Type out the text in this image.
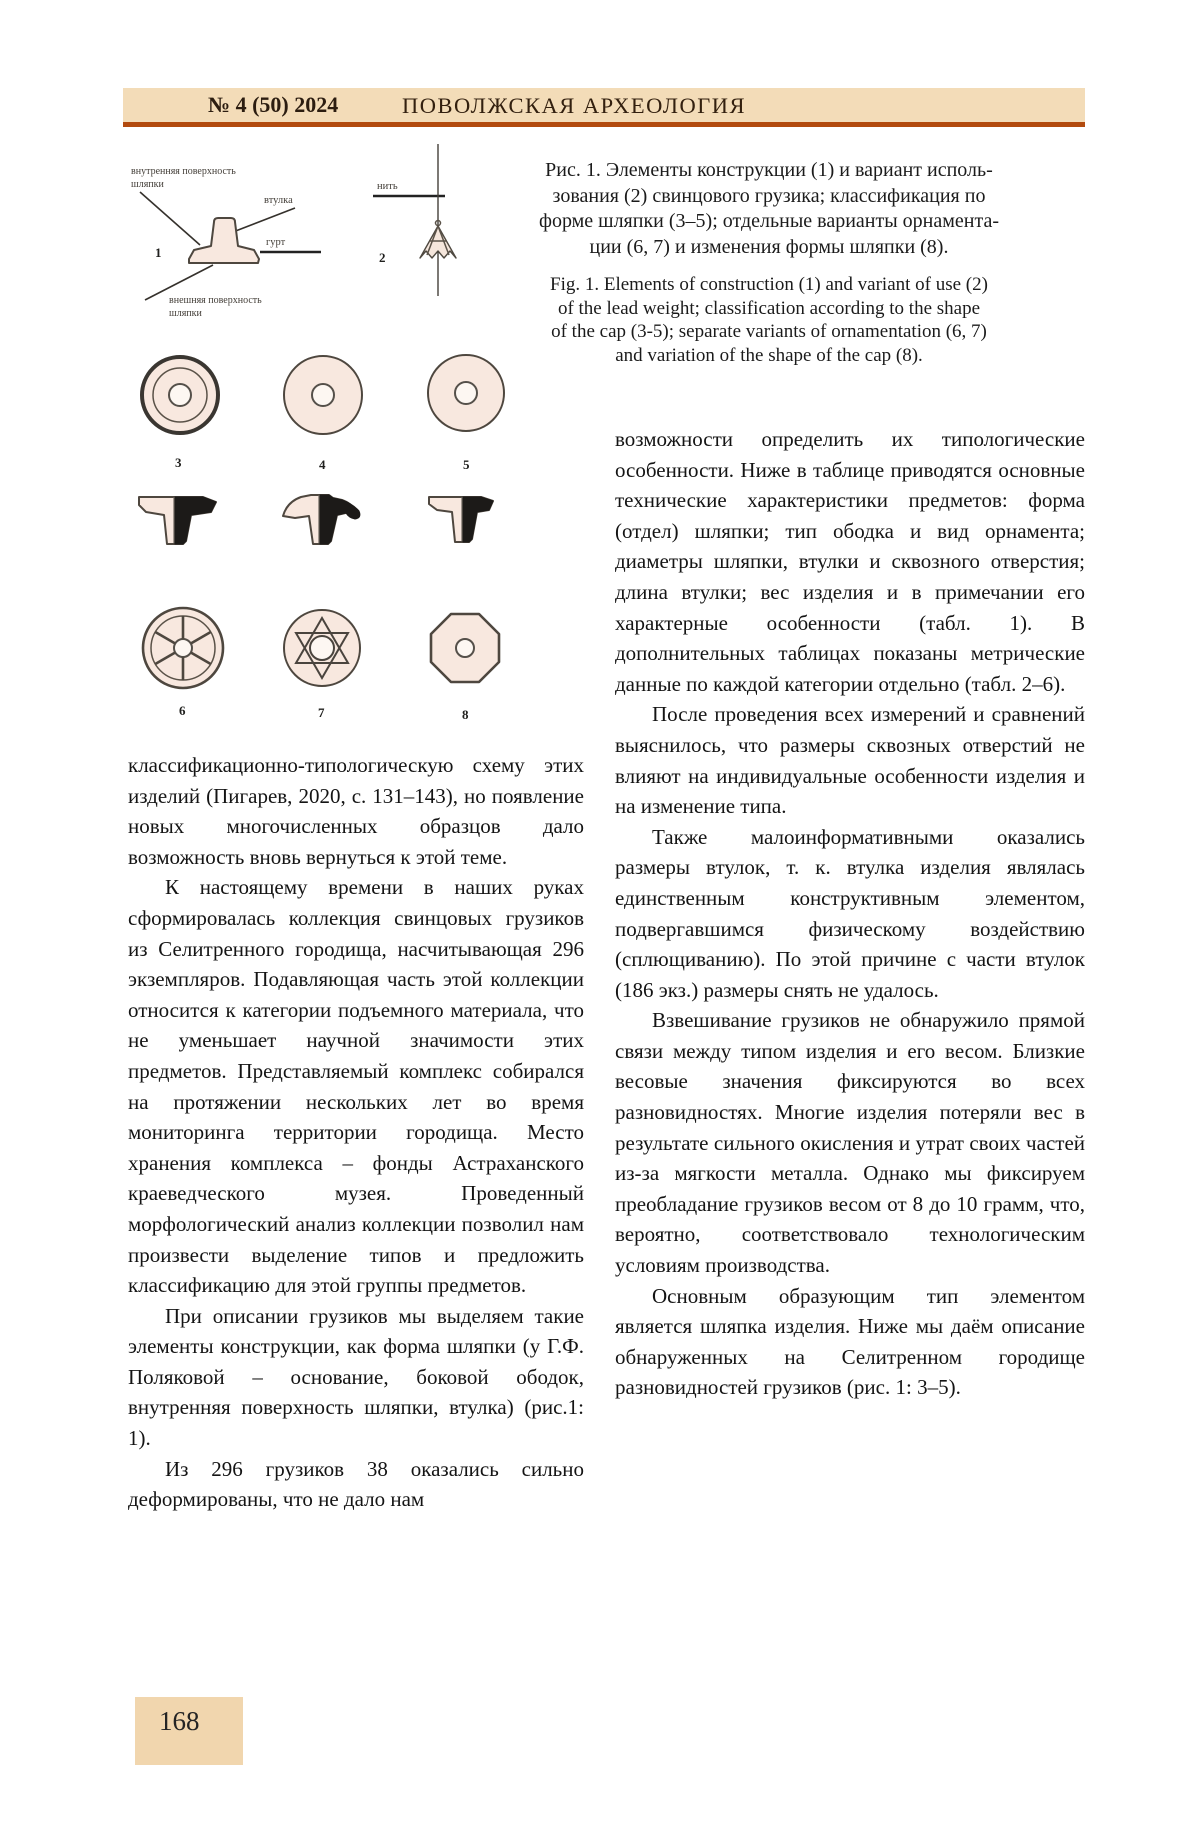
№ 4 (50) 2024	ПОВОЛЖСКАЯ АРХЕОЛОГИЯ
внутренняя поверхность
шляпки
втулка
гурт
внешняя поверхность
шляпки
нить
1	2
3	4	5
6	7	8
Рис. 1. Элементы конструкции (1) и вариант исполь-
зования (2) свинцового грузика; классификация по
форме шляпки (3–5); отдельные варианты орнамента-
ции (6, 7) и изменения формы шляпки (8).
Fig. 1. Elements of construction (1) and variant of use (2)
of the lead weight; classification according to the shape
of the cap (3-5); separate variants of ornamentation (6, 7)
and variation of the shape of the cap (8).

классификационно-типологическую схему этих изделий (Пигарев, 2020, с. 131–143), но появление новых многочисленных образцов дало возможность вновь вернуться к этой теме.

К настоящему времени в наших руках сформировалась коллекция свинцовых грузиков из Селитренного городища, насчитывающая 296 экземпляров. Подавляющая часть этой коллекции относится к категории подъемного материала, что не уменьшает научной значимости этих предметов. Представляемый комплекс собирался на протяжении нескольких лет во время мониторинга территории городища. Место хранения комплекса – фонды Астраханского краеведческого музея. Проведенный морфологический анализ коллекции позволил нам произвести выделение типов и предложить классификацию для этой группы предметов.

При описании грузиков мы выделяем такие элементы конструкции, как форма шляпки (у Г.Ф. Поляковой – основание, боковой ободок, внутренняя поверхность шляпки, втулка) (рис.1: 1).

Из 296 грузиков 38 оказались сильно деформированы, что не дало нам

возможности определить их типологические особенности. Ниже в таблице приводятся основные технические характеристики предметов: форма (отдел) шляпки; тип ободка и вид орнамента; диаметры шляпки, втулки и сквозного отверстия; длина втулки; вес изделия и в примечании его характерные особенности (табл. 1). В дополнительных таблицах показаны метрические данные по каждой категории отдельно (табл. 2–6).

После проведения всех измерений и сравнений выяснилось, что размеры сквозных отверстий не влияют на индивидуальные особенности изделия и на изменение типа.

Также малоинформативными оказались размеры втулок, т. к. втулка изделия являлась единственным конструктивным элементом, подвергавшимся физическому воздействию (сплющиванию). По этой причине с части втулок (186 экз.) размеры снять не удалось.

Взвешивание грузиков не обнаружило прямой связи между типом изделия и его весом. Близкие весовые значения фиксируются во всех разновидностях. Многие изделия потеряли вес в результате сильного окисления и утрат своих частей из-за мягкости металла. Однако мы фиксируем преобладание грузиков весом от 8 до 10 грамм, что, вероятно, соответствовало технологическим условиям производства.

Основным образующим тип элементом является шляпка изделия. Ниже мы даём описание обнаруженных на Селитренном городище разновидностей грузиков (рис. 1: 3–5).

168
